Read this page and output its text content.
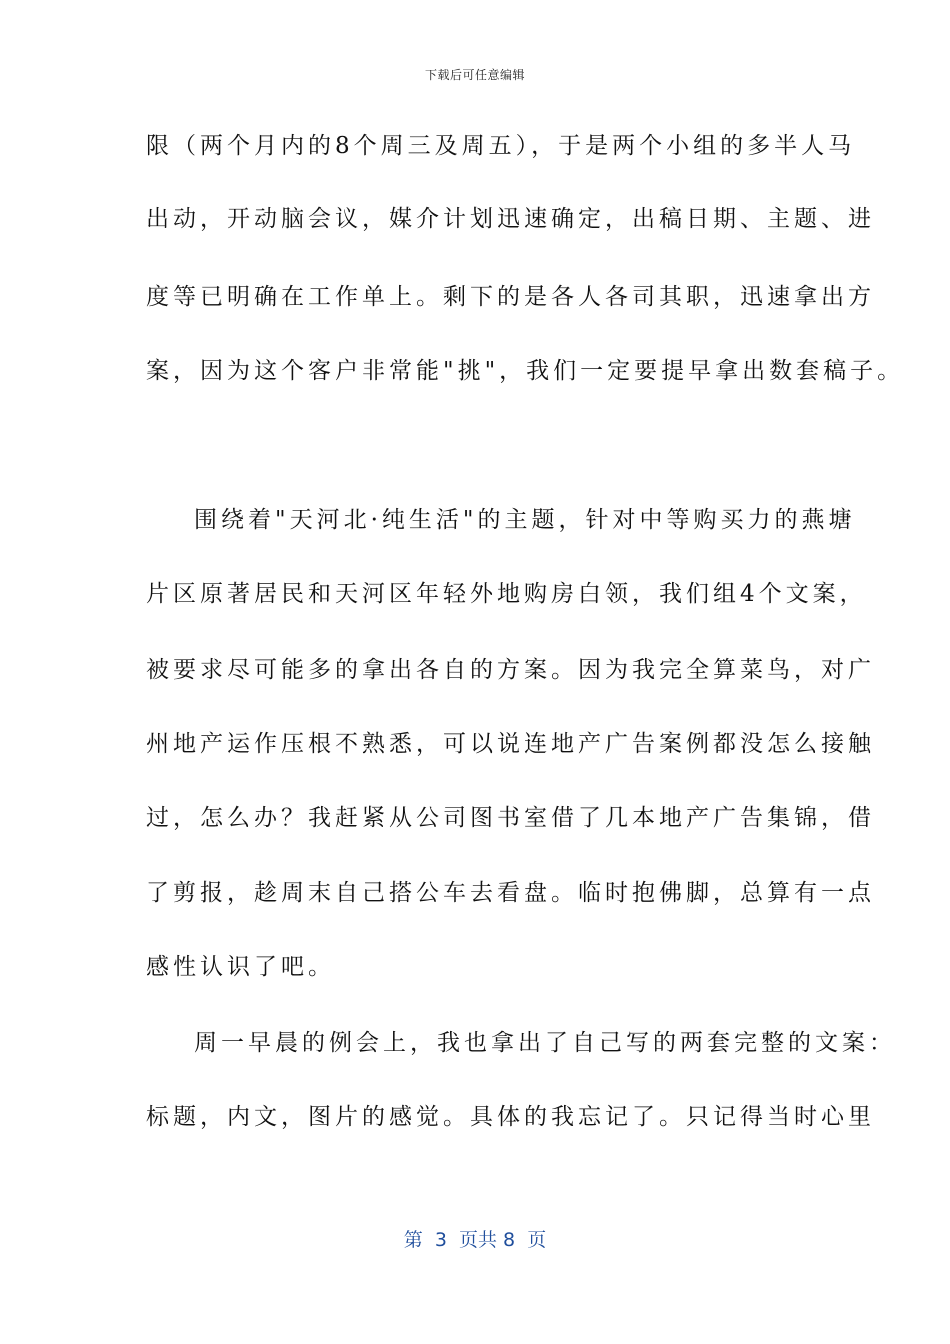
下载后可任意编辑
限（两个月内的8个周三及周五），于是两个小组的多半人马
出动，开动脑会议，媒介计划迅速确定，出稿日期、主题、进
度等已明确在工作单上。剩下的是各人各司其职，迅速拿出方
案，因为这个客户非常能"挑"，我们一定要提早拿出数套稿子。
围绕着"天河北·纯生活"的主题，针对中等购买力的燕塘
片区原著居民和天河区年轻外地购房白领，我们组4个文案，
被要求尽可能多的拿出各自的方案。因为我完全算菜鸟，对广
州地产运作压根不熟悉，可以说连地产广告案例都没怎么接触
过，怎么办？我赶紧从公司图书室借了几本地产广告集锦，借
了剪报，趁周末自己搭公车去看盘。临时抱佛脚，总算有一点
感性认识了吧。
周一早晨的例会上，我也拿出了自己写的两套完整的文案：
标题，内文，图片的感觉。具体的我忘记了。只记得当时心里
第  3  页共 8  页
